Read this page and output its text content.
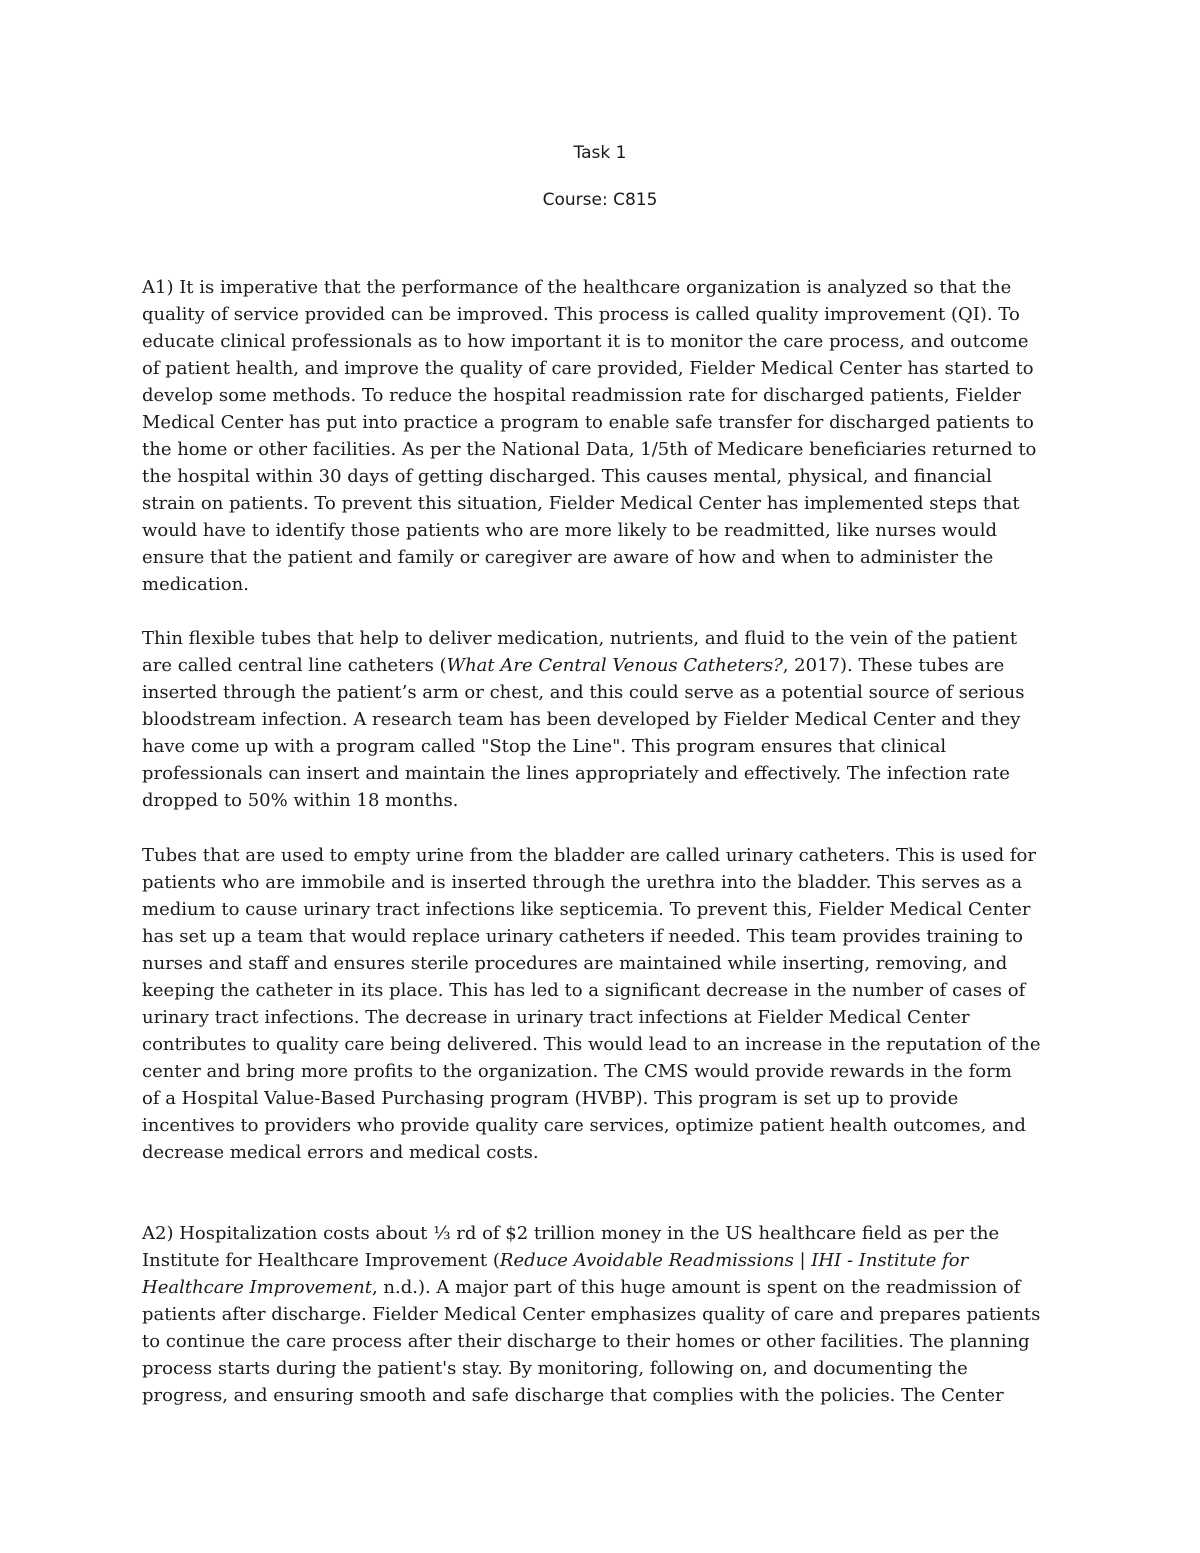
Task 1
Course: C815

A1) It is imperative that the performance of the healthcare organization is analyzed so that the
quality of service provided can be improved. This process is called quality improvement (QI). To
educate clinical professionals as to how important it is to monitor the care process, and outcome
of patient health, and improve the quality of care provided, Fielder Medical Center has started to
develop some methods. To reduce the hospital readmission rate for discharged patients, Fielder
Medical Center has put into practice a program to enable safe transfer for discharged patients to
the home or other facilities. As per the National Data, 1/5th of Medicare beneficiaries returned to
the hospital within 30 days of getting discharged. This causes mental, physical, and financial
strain on patients. To prevent this situation, Fielder Medical Center has implemented steps that
would have to identify those patients who are more likely to be readmitted, like nurses would
ensure that the patient and family or caregiver are aware of how and when to administer the
medication.

Thin flexible tubes that help to deliver medication, nutrients, and fluid to the vein of the patient
are called central line catheters (What Are Central Venous Catheters?, 2017). These tubes are
inserted through the patient’s arm or chest, and this could serve as a potential source of serious
bloodstream infection. A research team has been developed by Fielder Medical Center and they
have come up with a program called "Stop the Line". This program ensures that clinical
professionals can insert and maintain the lines appropriately and effectively. The infection rate
dropped to 50% within 18 months.

Tubes that are used to empty urine from the bladder are called urinary catheters. This is used for
patients who are immobile and is inserted through the urethra into the bladder. This serves as a
medium to cause urinary tract infections like septicemia. To prevent this, Fielder Medical Center
has set up a team that would replace urinary catheters if needed. This team provides training to
nurses and staff and ensures sterile procedures are maintained while inserting, removing, and
keeping the catheter in its place. This has led to a significant decrease in the number of cases of
urinary tract infections. The decrease in urinary tract infections at Fielder Medical Center
contributes to quality care being delivered. This would lead to an increase in the reputation of the
center and bring more profits to the organization. The CMS would provide rewards in the form
of a Hospital Value-Based Purchasing program (HVBP). This program is set up to provide
incentives to providers who provide quality care services, optimize patient health outcomes, and
decrease medical errors and medical costs.

A2) Hospitalization costs about ⅓ rd of $2 trillion money in the US healthcare field as per the
Institute for Healthcare Improvement (Reduce Avoidable Readmissions | IHI - Institute for
Healthcare Improvement, n.d.). A major part of this huge amount is spent on the readmission of
patients after discharge. Fielder Medical Center emphasizes quality of care and prepares patients
to continue the care process after their discharge to their homes or other facilities. The planning
process starts during the patient's stay. By monitoring, following on, and documenting the
progress, and ensuring smooth and safe discharge that complies with the policies. The Center
